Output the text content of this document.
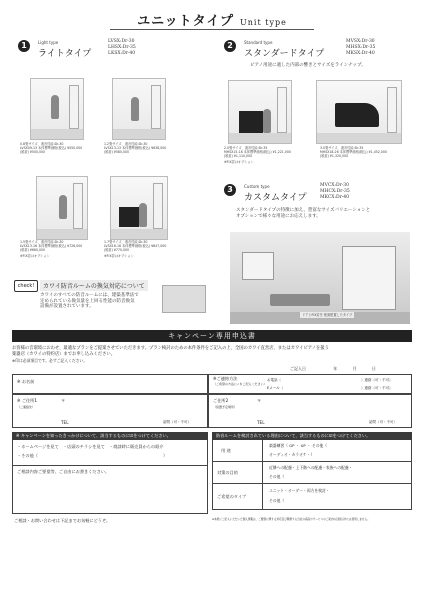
ユニットタイプ Unit type
1	Light type
ライトタイプ
LVSX:Dr-30
LHSX:Dr-35
LKSX:Dr-40
0.8畳サイズ、遮音性能:Dr-30
LVSX09-13 本体標準価格(税込) ¥550,000
(税抜) ¥500,000
1.2畳サイズ、遮音性能:Dr-30
LVSX13-13 本体標準価格(税込) ¥638,000
(税抜) ¥580,000
1.5畳サイズ、遮音性能:Dr-30
LVSX13-16 本体標準価格(税込) ¥726,000
(税抜) ¥660,000
※FIX窓はオプション
1.7畳サイズ、遮音性能:Dr-30
LVSX16-16 本体標準価格(税込) ¥847,000
(税抜) ¥770,000
※FIX窓はオプション
2	Standard type
スタンダードタイプ
MVSX:Dr-30
MHSX:Dr-35
MKSX:Dr-40
ピアノ用途に適した内部の響きとサイズをラインナップ。
2.0畳サイズ、遮音性能:Dr-35
MHSX15-18 本体標準価格(税込) ¥1,221,000
(税抜) ¥1,110,000
※FIX窓はオプション
3.0畳サイズ、遮音性能:Dr-35
MHSX18-26 本体標準価格(税込) ¥1,452,000
(税抜) ¥1,320,000
3	Custom type
カスタムタイプ
MVCX:Dr-30
MHCX:Dr-35
MKCX:Dr-40
スタンダードタイプの特徴に加え、豊富なサイズバリエーションと
オプションで様々な用途にお応えします。
ドアとFIX窓を 壁面配置したタイプ
check!	カワイ防音ルームの換気対応について
カワイのすべての防音ルームには、建築基準法で
定められている換気量を上回る性能の防音換気
設備が設置されています。
キャンペーン専用申込書
お客様の音環境におわせ、最適なプランをご提案させていただきます。プラン検討のための本件条件をご記入の上、全国のカワイ直営店、またはカワイピアノを扱う
楽器店（カワイの特約店）までお申し込みください。
※印は必須項目です。必ずご記入ください。
ご記入日	年	月	日
※ お名前
※ご連絡方法
（ご希望の方法に✓をご記入ください）
お電話（	）連絡（可・不可）
Eメール（	）連絡（可・不可）
※ ご住所1
（ご連絡先）
〒
TEL	訪問（可・不可）
ご住所2
（設置予定場所）
〒
TEL	訪問（可・不可）
※ キャンペーンを知ったきっかけについて、該当するものに☑をつけてください。	防音ルームを検討されている理由について、該当するものに☑をつけてください。
・ホームページを見て　・店頭のチラシを見て　・商談時に販売員からの紹介
・その他（	）
ご相談内容ご要望等、ご自由にお書きください。
用 途
楽器練習（ GP ・ UP ・ その他（
オーディオ・カラオケ・（
対策の目的
近隣への配慮・上下階への配慮・家族への配慮・
その他（
ご希望のタイプ
ユニット・オーダー・両方を検討・
その他（
ご相談・お問い合わせは下記までお気軽にどうぞ。	※本紙にご記入いただいた個人情報は、ご要望に関する対応及び関連する当社の商品やサービスのご案内の目的以外には使用しません。
